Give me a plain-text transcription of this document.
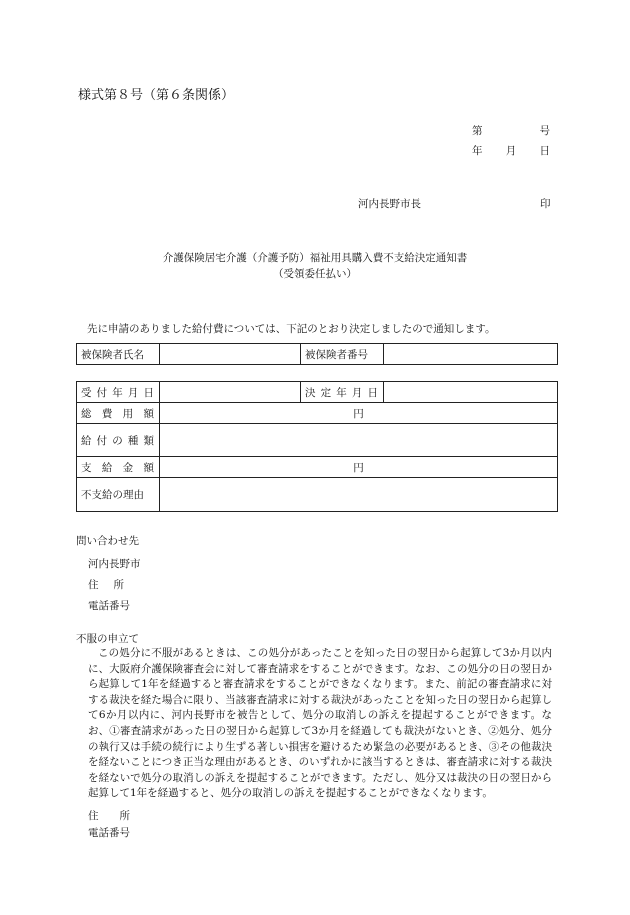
様式第８号（第６条関係）
第	号
年 月 日
河内長野市長	印
介護保険居宅介護（介護予防）福祉用具購入費不支給決定通知書
（受領委任払い）
先に申請のありました給付費については、下記のとおり決定しましたので通知します。
被保険者氏名		被保険者番号	
受付年月日		決定年月日	
総費用額	円		
給付の種類			
支給金額	円		
不支給の理由			
問い合わせ先
河内長野市
住所
電話番号
不服の申立て
この処分に不服があるときは、この処分があったことを知った日の翌日から起算して3か月以内に、大阪府介護保険審査会に対して審査請求をすることができます。なお、この処分の日の翌日から起算して1年を経過すると審査請求をすることができなくなります。また、前記の審査請求に対する裁決を経た場合に限り、当該審査請求に対する裁決があったことを知った日の翌日から起算して6か月以内に、河内長野市を被告として、処分の取消しの訴えを提起することができます。なお、①審査請求があった日の翌日から起算して3か月を経過しても裁決がないとき、②処分、処分の執行又は手続の続行により生ずる著しい損害を避けるため緊急の必要があるとき、③その他裁決を経ないことにつき正当な理由があるとき、のいずれかに該当するときは、審査請求に対する裁決を経ないで処分の取消しの訴えを提起することができます。ただし、処分又は裁決の日の翌日から起算して1年を経過すると、処分の取消しの訴えを提起することができなくなります。
住　　所
電話番号
